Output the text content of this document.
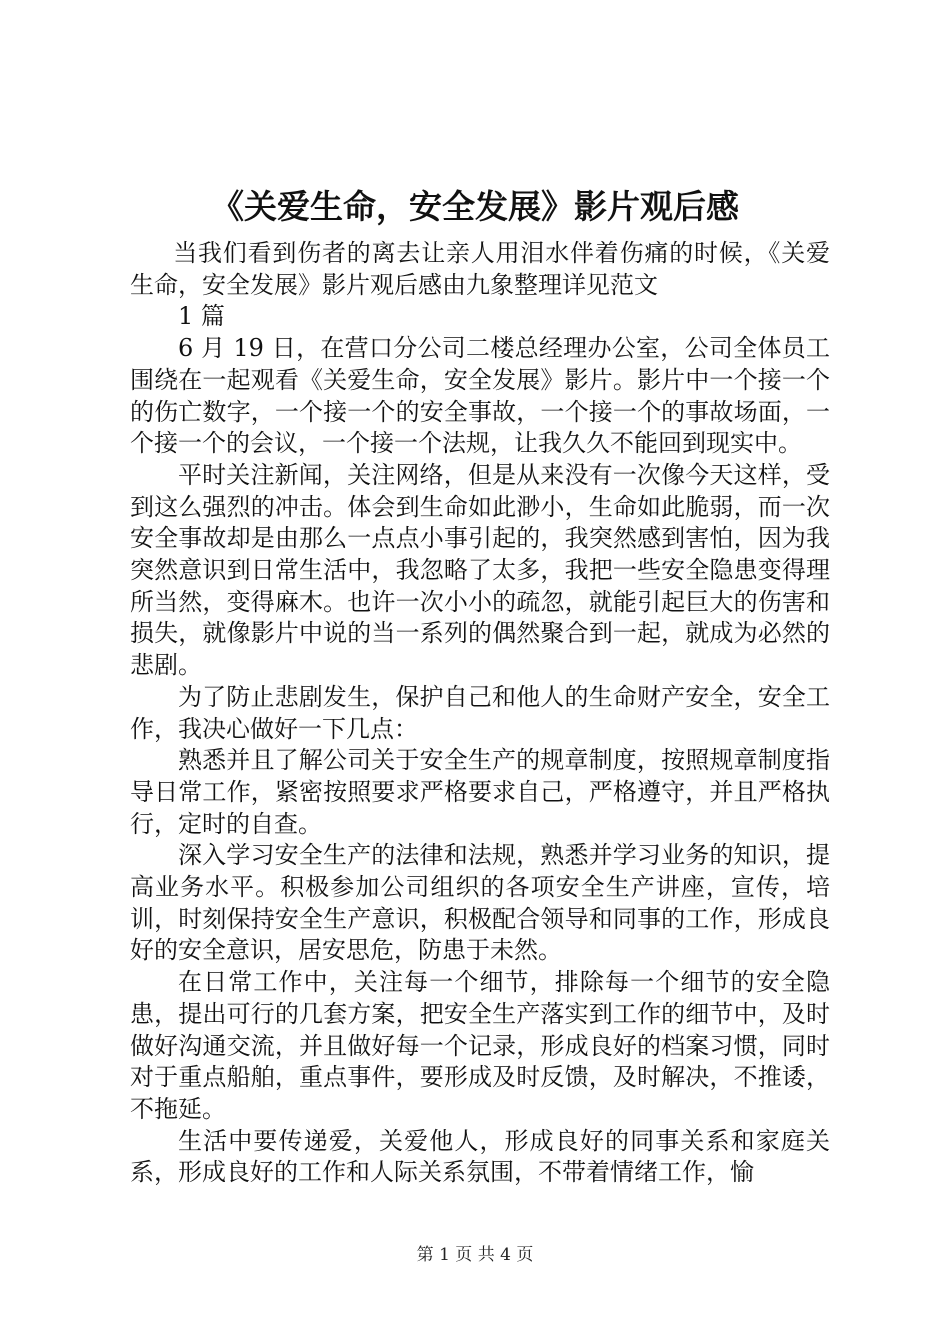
《关爱生命，安全发展》影片观后感

当我们看到伤者的离去让亲人用泪水伴着伤痛的时候，《关爱生命，安全发展》影片观后感由九象整理详见范文

1 篇

6 月 19 日，在营口分公司二楼总经理办公室，公司全体员工围绕在一起观看《关爱生命，安全发展》影片。影片中一个接一个的伤亡数字，一个接一个的安全事故，一个接一个的事故场面，一个接一个的会议，一个接一个法规，让我久久不能回到现实中。

平时关注新闻，关注网络，但是从来没有一次像今天这样，受到这么强烈的冲击。体会到生命如此渺小，生命如此脆弱，而一次安全事故却是由那么一点点小事引起的，我突然感到害怕，因为我突然意识到日常生活中，我忽略了太多，我把一些安全隐患变得理所当然，变得麻木。也许一次小小的疏忽，就能引起巨大的伤害和损失，就像影片中说的当一系列的偶然聚合到一起，就成为必然的悲剧。

为了防止悲剧发生，保护自己和他人的生命财产安全，安全工作，我决心做好一下几点：

熟悉并且了解公司关于安全生产的规章制度，按照规章制度指导日常工作，紧密按照要求严格要求自己，严格遵守，并且严格执行，定时的自查。

深入学习安全生产的法律和法规，熟悉并学习业务的知识，提高业务水平。积极参加公司组织的各项安全生产讲座，宣传，培训，时刻保持安全生产意识，积极配合领导和同事的工作，形成良好的安全意识，居安思危，防患于未然。

在日常工作中，关注每一个细节，排除每一个细节的安全隐患，提出可行的几套方案，把安全生产落实到工作的细节中，及时做好沟通交流，并且做好每一个记录，形成良好的档案习惯，同时对于重点船舶，重点事件，要形成及时反馈，及时解决，不推诿，不拖延。

生活中要传递爱，关爱他人，形成良好的同事关系和家庭关系，形成良好的工作和人际关系氛围，不带着情绪工作，愉

第 1 页 共 4 页
